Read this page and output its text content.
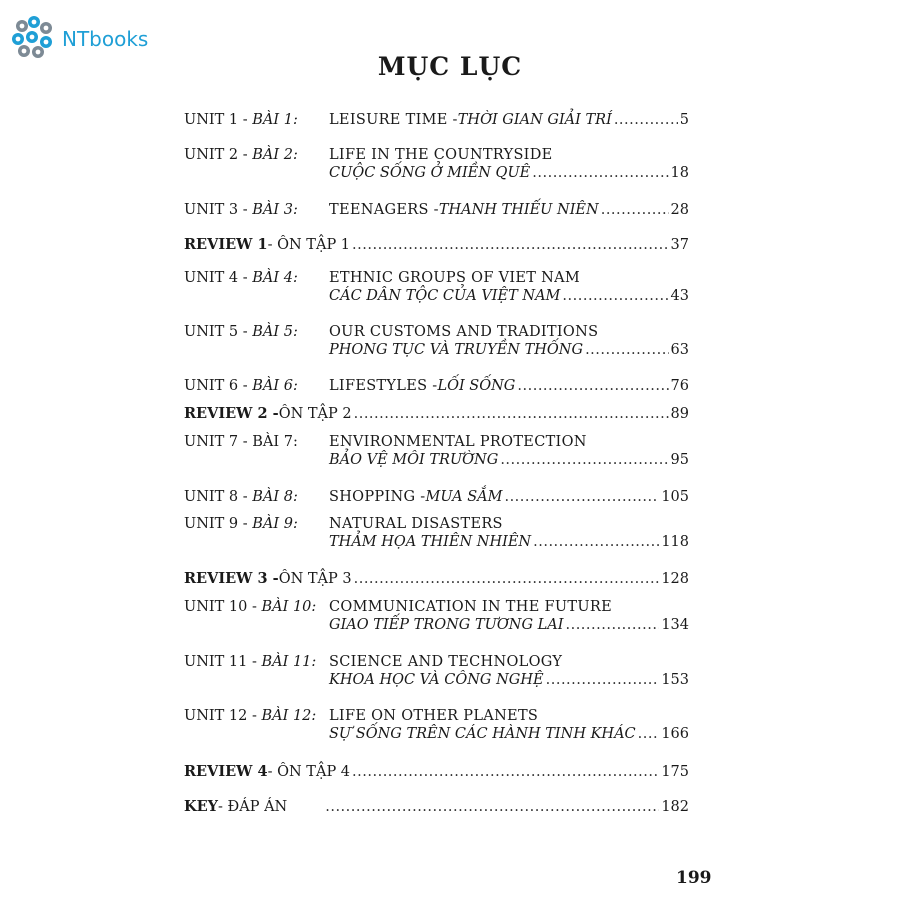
NTbooks
MỤC LỤC
UNIT 1 - BÀI 1: LEISURE TIME - THỜI GIAN GIẢI TRÍ .....	5
UNIT 2 - BÀI 2: LIFE IN THE COUNTRYSIDE
CUỘC SỐNG Ở MIỀN QUÊ .....	18
UNIT 3 - BÀI 3: TEENAGERS - THANH THIẾU NIÊN .....	28
REVIEW 1 - ÔN TẬP 1 .....	37
UNIT 4 - BÀI 4: ETHNIC GROUPS OF VIET NAM
CÁC DÂN TỘC CỦA VIỆT NAM .....	43
UNIT 5 - BÀI 5: OUR CUSTOMS AND TRADITIONS
PHONG TỤC VÀ TRUYỀN THỐNG .....	63
UNIT 6 - BÀI 6: LIFESTYLES - LỐI SỐNG .....	76
REVIEW 2 - ÔN TẬP 2 .....	89
UNIT 7 - BÀI 7: ENVIRONMENTAL PROTECTION
BẢO VỆ MÔI TRƯỜNG .....	95
UNIT 8 - BÀI 8: SHOPPING - MUA SẮM .....	105
UNIT 9 - BÀI 9: NATURAL DISASTERS
THẢM HỌA THIÊN NHIÊN .....	118
REVIEW 3 - ÔN TẬP 3 .....	128
UNIT 10 - BÀI 10: COMMUNICATION IN THE FUTURE
GIAO TIẾP TRONG TƯƠNG LAI .....	134
UNIT 11 - BÀI 11: SCIENCE AND TECHNOLOGY
KHOA HỌC VÀ CÔNG NGHỆ .....	153
UNIT 12 - BÀI 12: LIFE ON OTHER PLANETS
SỰ SỐNG TRÊN CÁC HÀNH TINH KHÁC ..... 166
REVIEW 4 - ÔN TẬP 4 .....	175
KEY - ĐÁP ÁN .....	182
199
